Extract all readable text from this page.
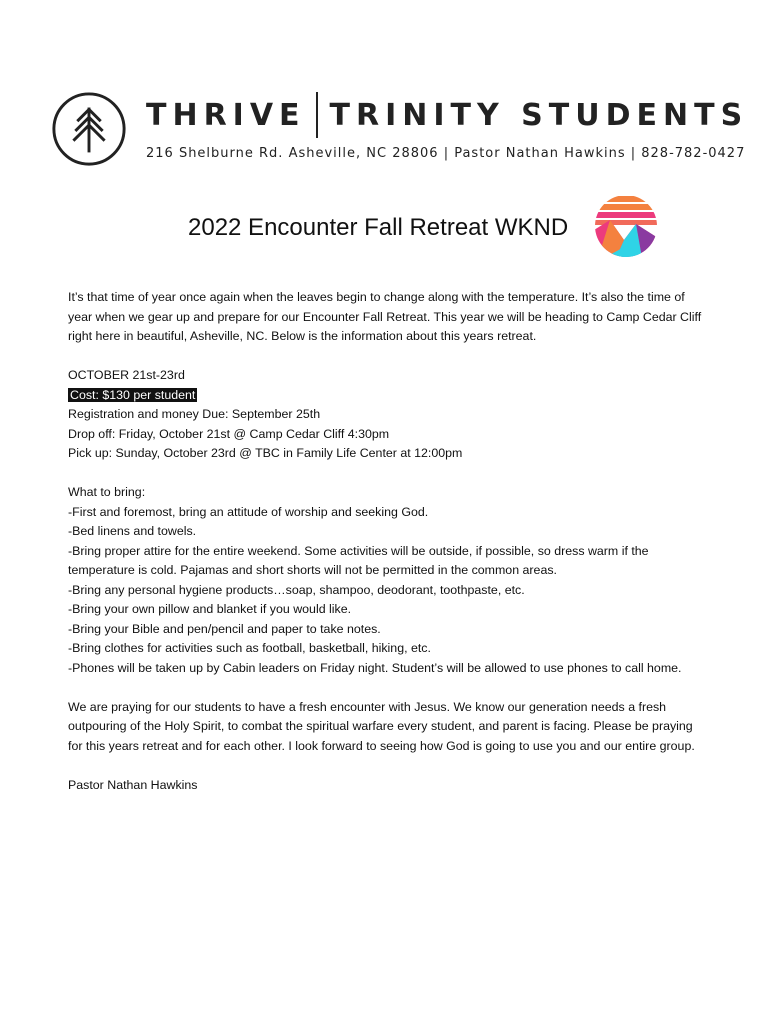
THRIVE TRINITY STUDENTS
216 Shelburne Rd. Asheville, NC 28806 | Pastor Nathan Hawkins | 828-782-0427
2022 Encounter Fall Retreat WKND

It’s that time of year once again when the leaves begin to change along with the temperature. It’s also the time of year when we gear up and prepare for our Encounter Fall Retreat. This year we will be heading to Camp Cedar Cliff right here in beautiful, Asheville, NC. Below is the information about this years retreat.

OCTOBER 21st-23rd

Cost: $130 per student

Registration and money Due: September 25th

Drop off: Friday, October 21st @ Camp Cedar Cliff 4:30pm

Pick up: Sunday, October 23rd @ TBC in Family Life Center at 12:00pm

What to bring:

-First and foremost, bring an attitude of worship and seeking God.

-Bed linens and towels.

-Bring proper attire for the entire weekend. Some activities will be outside, if possible, so dress warm if the temperature is cold. Pajamas and short shorts will not be permitted in the common areas.

-Bring any personal hygiene products…soap, shampoo, deodorant, toothpaste, etc.

-Bring your own pillow and blanket if you would like.

-Bring your Bible and pen/pencil and paper to take notes.

-Bring clothes for activities such as football, basketball, hiking, etc.

-Phones will be taken up by Cabin leaders on Friday night. Student’s will be allowed to use phones to call home.

We are praying for our students to have a fresh encounter with Jesus. We know our generation needs a fresh outpouring of the Holy Spirit, to combat the spiritual warfare every student, and parent is facing. Please be praying for this years retreat and for each other. I look forward to seeing how God is going to use you and our entire group.

Pastor Nathan Hawkins
